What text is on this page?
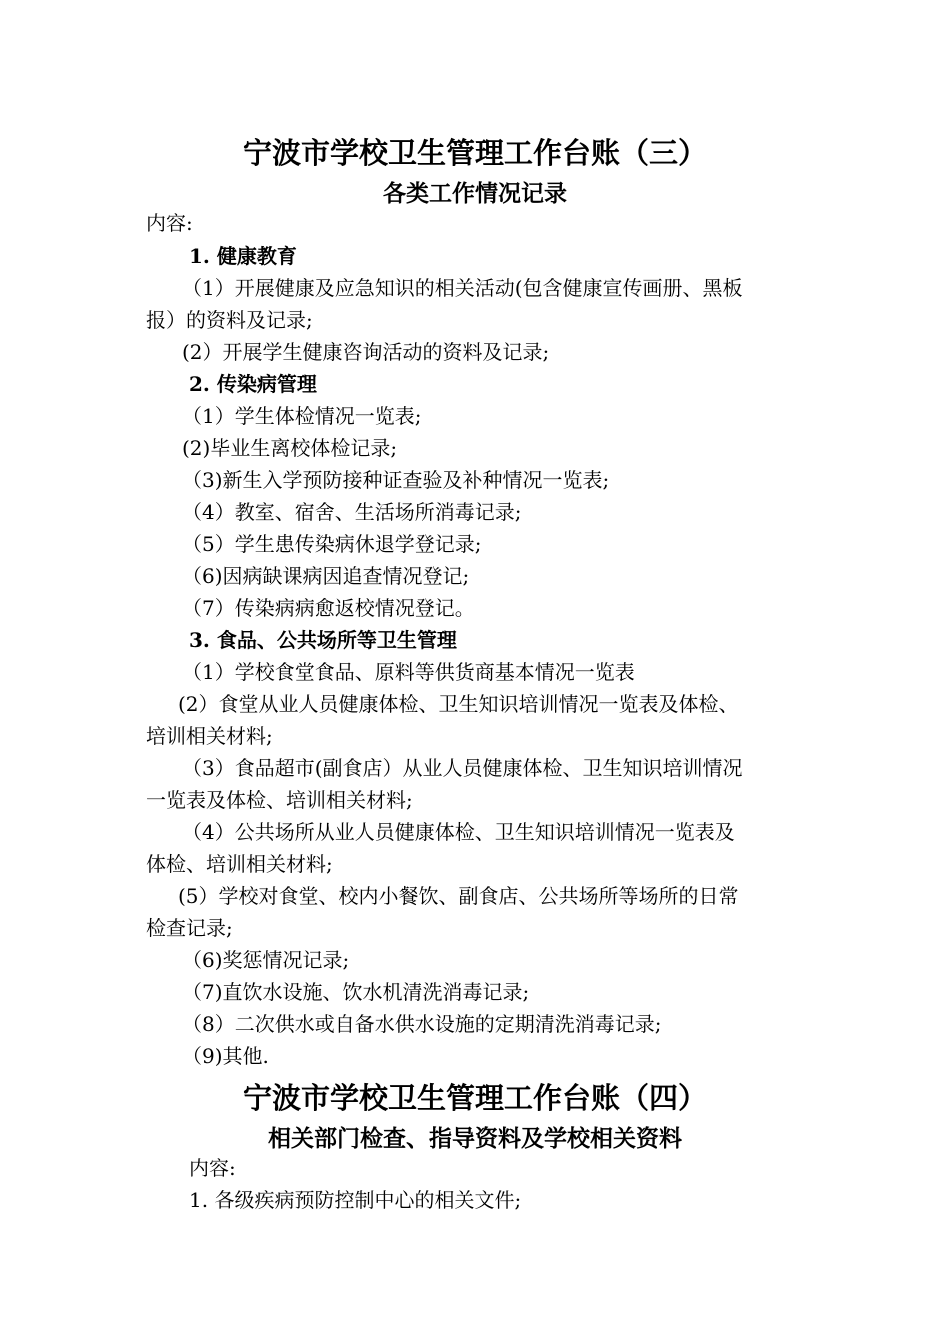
宁波市学校卫生管理工作台账（三）
各类工作情况记录
内容:
1. 健康教育
（1）开展健康及应急知识的相关活动(包含健康宣传画册、黑板
报）的资料及记录;
(2）开展学生健康咨询活动的资料及记录;
2. 传染病管理
（1）学生体检情况一览表;
(2)毕业生离校体检记录;
（3)新生入学预防接种证查验及补种情况一览表;
（4）教室、宿舍、生活场所消毒记录;
（5）学生患传染病休退学登记录;
（6)因病缺课病因追查情况登记;
（7）传染病病愈返校情况登记。
3. 食品、公共场所等卫生管理
（1）学校食堂食品、原料等供货商基本情况一览表
(2）食堂从业人员健康体检、卫生知识培训情况一览表及体检、
培训相关材料;
（3）食品超市(副食店）从业人员健康体检、卫生知识培训情况
一览表及体检、培训相关材料;
（4）公共场所从业人员健康体检、卫生知识培训情况一览表及
体检、培训相关材料;
(5）学校对食堂、校内小餐饮、副食店、公共场所等场所的日常
检查记录;
（6)奖惩情况记录;
（7)直饮水设施、饮水机清洗消毒记录;
（8）二次供水或自备水供水设施的定期清洗消毒记录;
（9)其他.
宁波市学校卫生管理工作台账（四）
相关部门检查、指导资料及学校相关资料
内容:
1. 各级疾病预防控制中心的相关文件;
